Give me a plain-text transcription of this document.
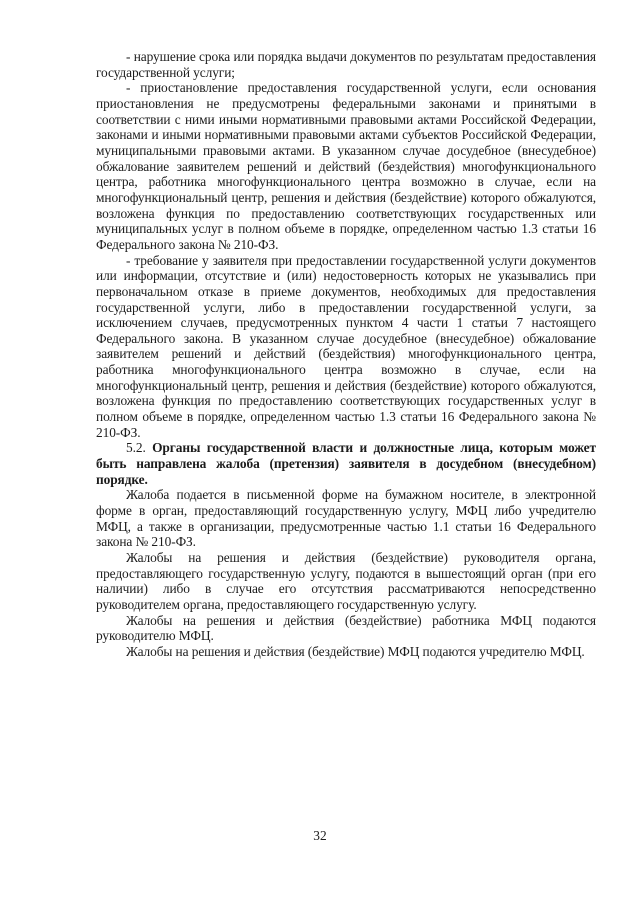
- нарушение срока или порядка выдачи документов по результатам предоставления государственной услуги;

- приостановление предоставления государственной услуги, если основания приостановления не предусмотрены федеральными законами и принятыми в соответствии с ними иными нормативными правовыми актами Российской Федерации, законами и иными нормативными правовыми актами субъектов Российской Федерации, муниципальными правовыми актами. В указанном случае досудебное (внесудебное) обжалование заявителем решений и действий (бездействия) многофункционального центра, работника многофункционального центра возможно в случае, если на многофункциональный центр, решения и действия (бездействие) которого обжалуются, возложена функция по предоставлению соответствующих государственных или муниципальных услуг в полном объеме в порядке, определенном частью 1.3 статьи 16 Федерального закона № 210-ФЗ.

- требование у заявителя при предоставлении государственной услуги документов или информации, отсутствие и (или) недостоверность которых не указывались при первоначальном отказе в приеме документов, необходимых для предоставления государственной услуги, либо в предоставлении государственной услуги, за исключением случаев, предусмотренных пунктом 4 части 1 статьи 7 настоящего Федерального закона. В указанном случае досудебное (внесудебное) обжалование заявителем решений и действий (бездействия) многофункционального центра, работника многофункционального центра возможно в случае, если на многофункциональный центр, решения и действия (бездействие) которого обжалуются, возложена функция по предоставлению соответствующих государственных услуг в полном объеме в порядке, определенном частью 1.3 статьи 16 Федерального закона № 210-ФЗ.

5.2. Органы государственной власти и должностные лица, которым может быть направлена жалоба (претензия) заявителя в досудебном (внесудебном) порядке.

Жалоба подается в письменной форме на бумажном носителе, в электронной форме в орган, предоставляющий государственную услугу, МФЦ либо учредителю МФЦ, а также в организации, предусмотренные частью 1.1 статьи 16 Федерального закона № 210-ФЗ.

Жалобы на решения и действия (бездействие) руководителя органа, предоставляющего государственную услугу, подаются в вышестоящий орган (при его наличии) либо в случае его отсутствия рассматриваются непосредственно руководителем органа, предоставляющего государственную услугу.

Жалобы на решения и действия (бездействие) работника МФЦ подаются руководителю МФЦ.

Жалобы на решения и действия (бездействие) МФЦ подаются учредителю МФЦ.

32
